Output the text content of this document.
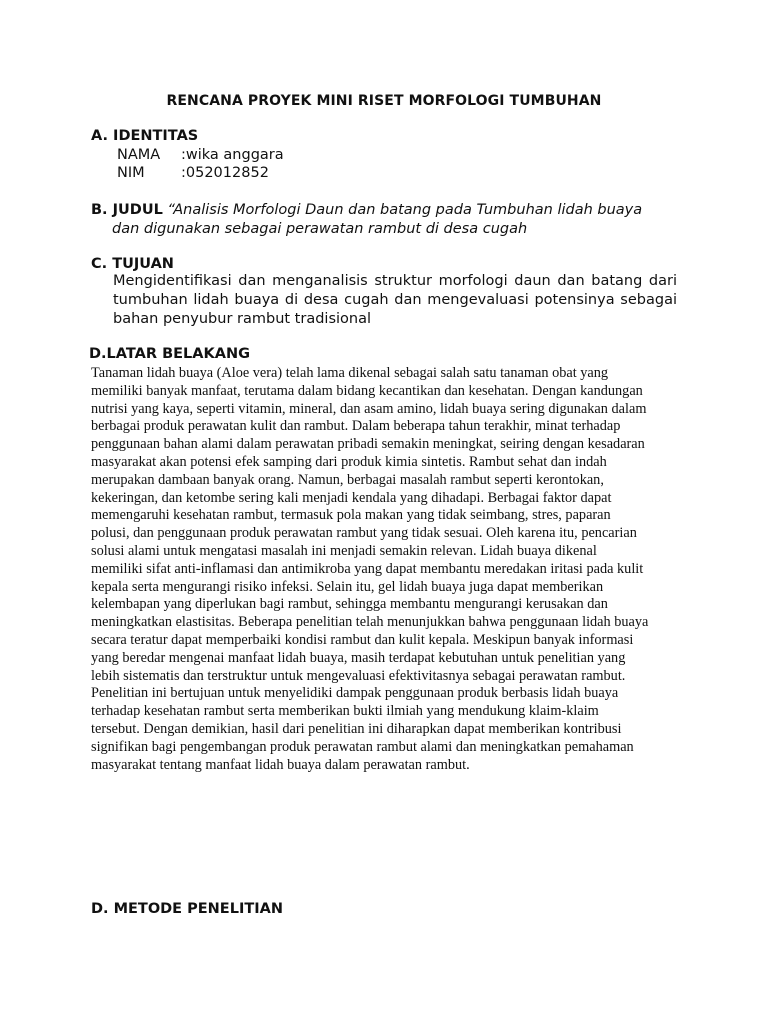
RENCANA PROYEK MINI RISET MORFOLOGI TUMBUHAN
A. IDENTITAS
NAMA :wika anggara
NIM	:052012852
B. JUDUL “Analisis Morfologi Daun dan batang pada Tumbuhan lidah buaya
dan digunakan sebagai perawatan rambut di desa cugah
C. TUJUAN
Mengidentifikasi dan menganalisis struktur morfologi daun dan batang dari tumbuhan lidah buaya di desa cugah dan mengevaluasi potensinya sebagai bahan penyubur rambut tradisional
D.LATAR BELAKANG
Tanaman lidah buaya (Aloe vera) telah lama dikenal sebagai salah satu tanaman obat yang
memiliki banyak manfaat, terutama dalam bidang kecantikan dan kesehatan. Dengan kandungan
nutrisi yang kaya, seperti vitamin, mineral, dan asam amino, lidah buaya sering digunakan dalam
berbagai produk perawatan kulit dan rambut. Dalam beberapa tahun terakhir, minat terhadap
penggunaan bahan alami dalam perawatan pribadi semakin meningkat, seiring dengan kesadaran
masyarakat akan potensi efek samping dari produk kimia sintetis. Rambut sehat dan indah
merupakan dambaan banyak orang. Namun, berbagai masalah rambut seperti kerontokan,
kekeringan, dan ketombe sering kali menjadi kendala yang dihadapi. Berbagai faktor dapat
memengaruhi kesehatan rambut, termasuk pola makan yang tidak seimbang, stres, paparan
polusi, dan penggunaan produk perawatan rambut yang tidak sesuai. Oleh karena itu, pencarian
solusi alami untuk mengatasi masalah ini menjadi semakin relevan. Lidah buaya dikenal
memiliki sifat anti-inflamasi dan antimikroba yang dapat membantu meredakan iritasi pada kulit
kepala serta mengurangi risiko infeksi. Selain itu, gel lidah buaya juga dapat memberikan
kelembapan yang diperlukan bagi rambut, sehingga membantu mengurangi kerusakan dan
meningkatkan elastisitas. Beberapa penelitian telah menunjukkan bahwa penggunaan lidah buaya
secara teratur dapat memperbaiki kondisi rambut dan kulit kepala. Meskipun banyak informasi
yang beredar mengenai manfaat lidah buaya, masih terdapat kebutuhan untuk penelitian yang
lebih sistematis dan terstruktur untuk mengevaluasi efektivitasnya sebagai perawatan rambut.
Penelitian ini bertujuan untuk menyelidiki dampak penggunaan produk berbasis lidah buaya
terhadap kesehatan rambut serta memberikan bukti ilmiah yang mendukung klaim-klaim
tersebut. Dengan demikian, hasil dari penelitian ini diharapkan dapat memberikan kontribusi
signifikan bagi pengembangan produk perawatan rambut alami dan meningkatkan pemahaman
masyarakat tentang manfaat lidah buaya dalam perawatan rambut.
D. METODE PENELITIAN
